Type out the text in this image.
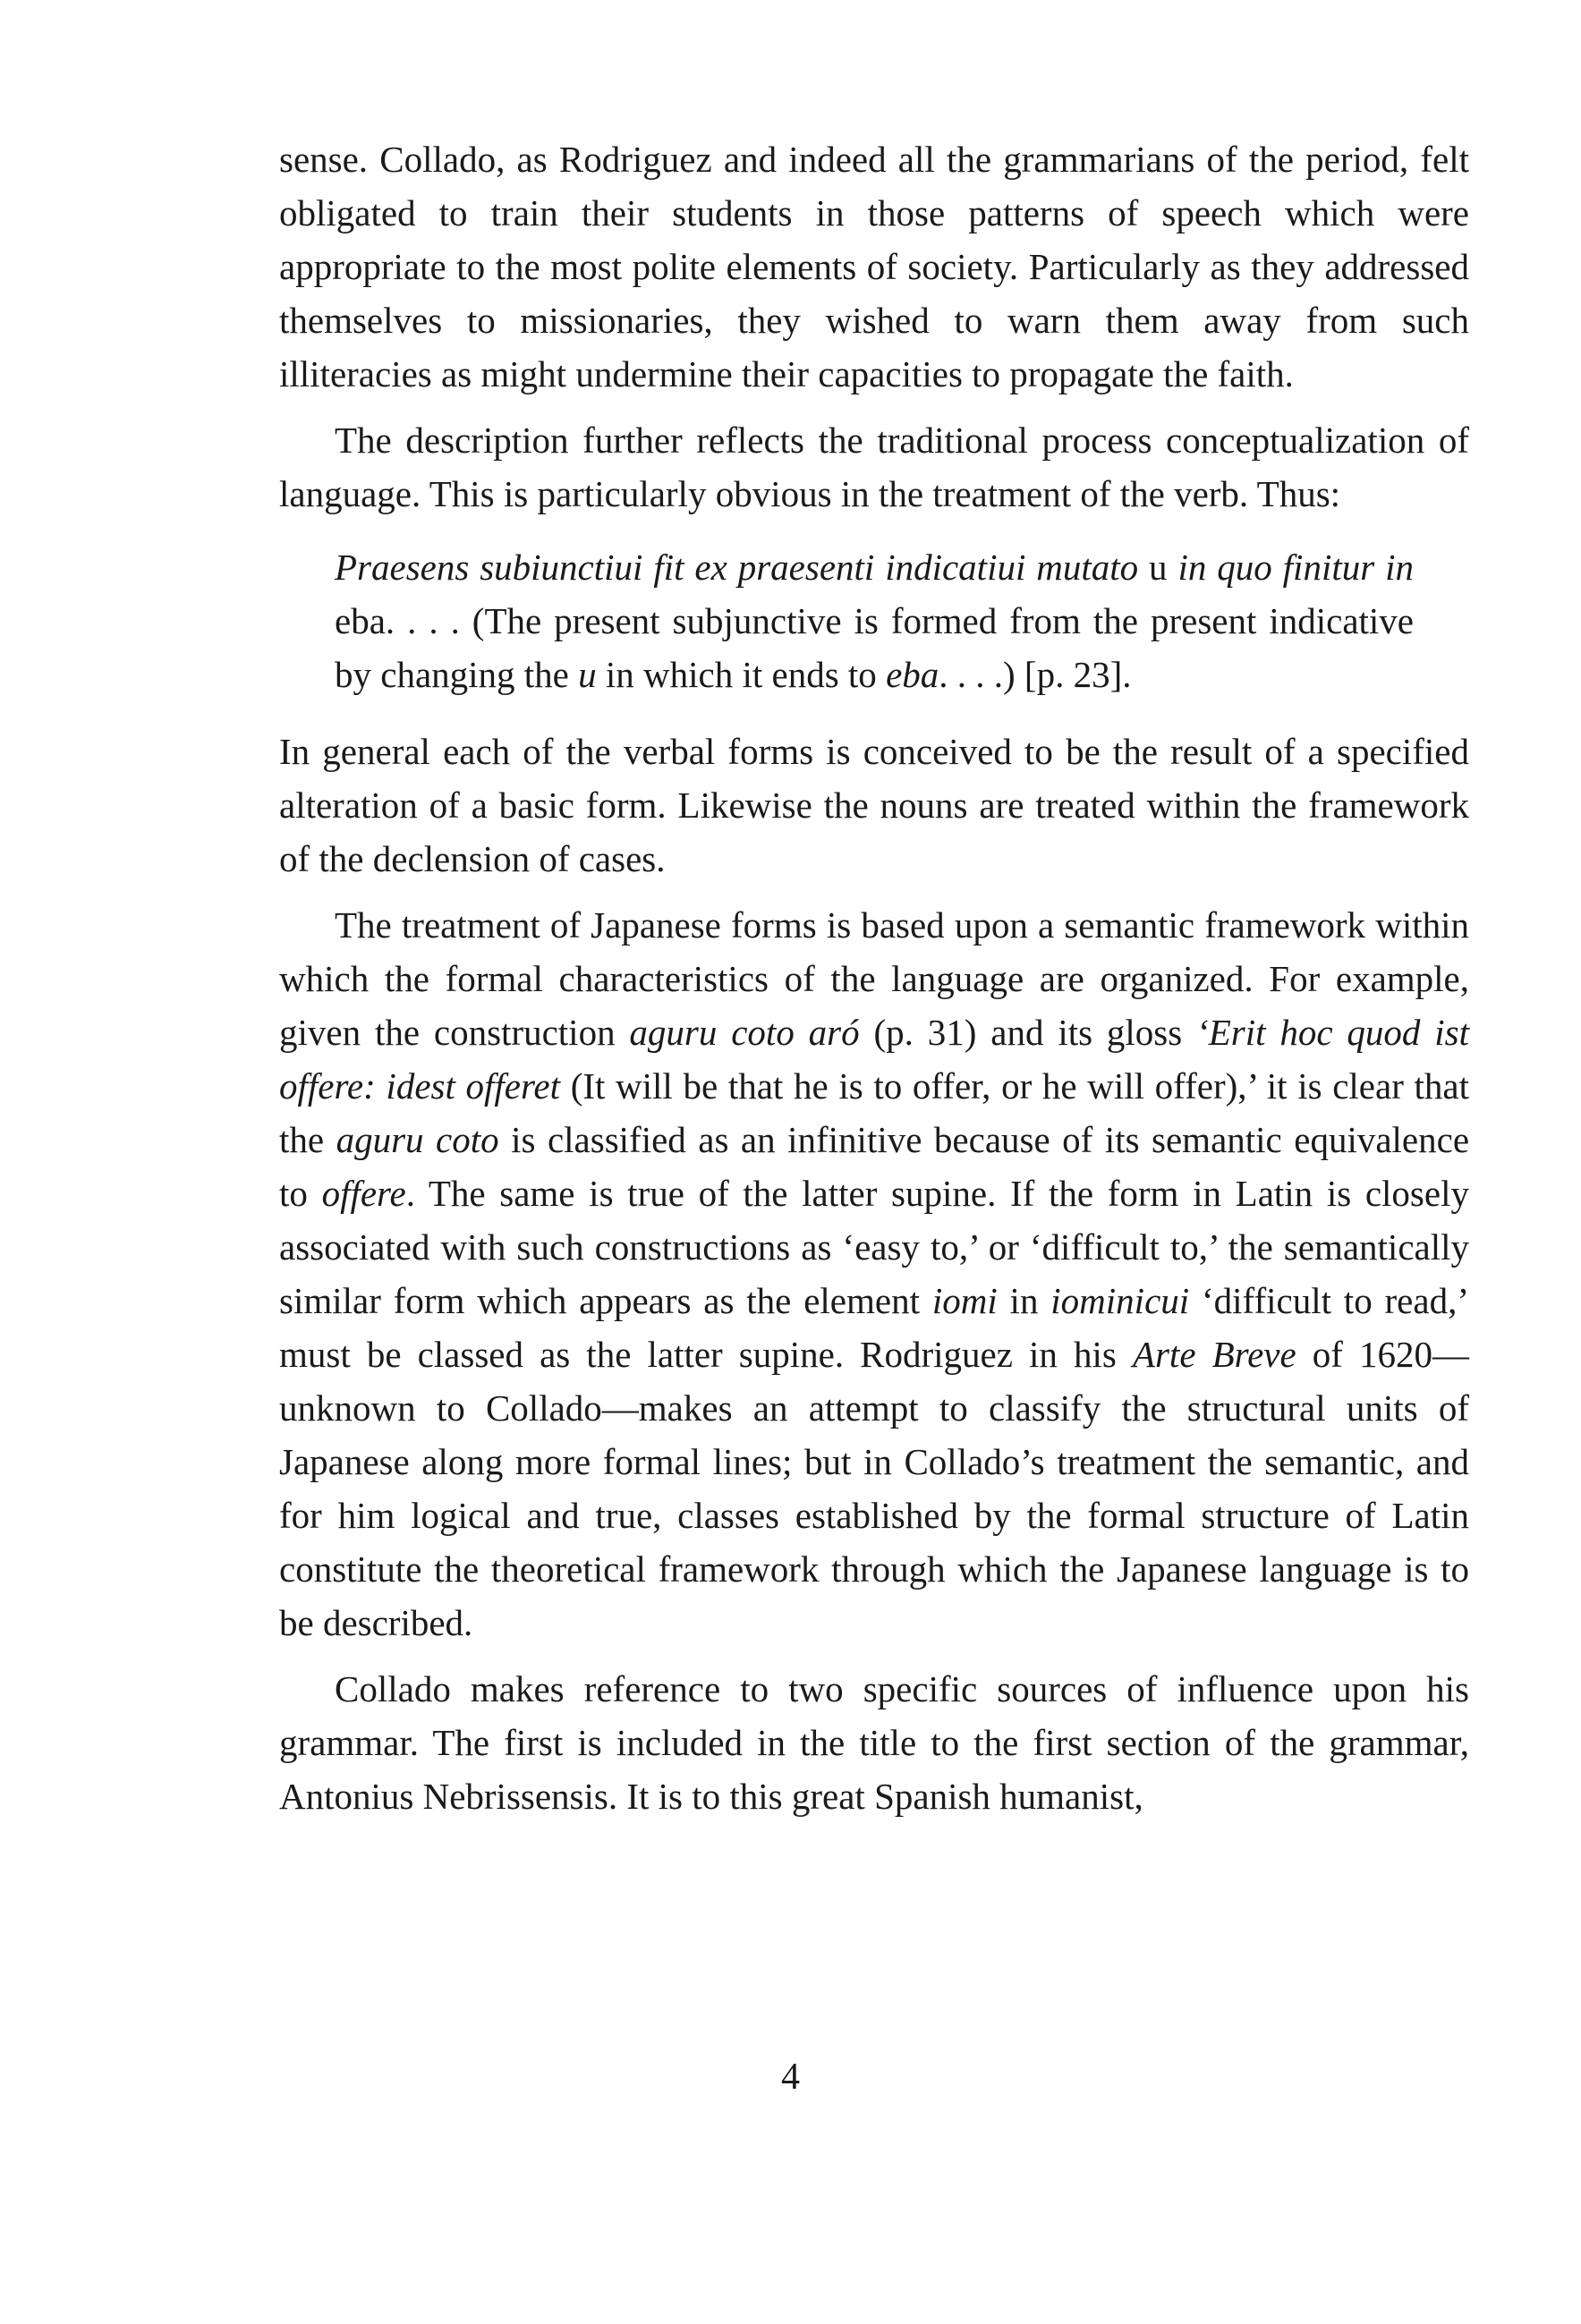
sense. Collado, as Rodriguez and indeed all the grammarians of the period, felt obligated to train their students in those patterns of speech which were appropriate to the most polite elements of society. Particularly as they addressed themselves to missionaries, they wished to warn them away from such illiteracies as might undermine their capacities to propagate the faith.

The description further reflects the traditional process conceptualization of language. This is particularly obvious in the treatment of the verb. Thus:

Praesens subiunctiui fit ex praesenti indicatiui mutato u in quo finitur in eba. . . . (The present subjunctive is formed from the present indicative by changing the u in which it ends to eba. . . .) [p. 23].

In general each of the verbal forms is conceived to be the result of a specified alteration of a basic form. Likewise the nouns are treated within the framework of the declension of cases.

The treatment of Japanese forms is based upon a semantic framework within which the formal characteristics of the language are organized. For example, given the construction aguru coto aró (p. 31) and its gloss ‘Erit hoc quod ist offere: idest offeret (It will be that he is to offer, or he will offer),’ it is clear that the aguru coto is classified as an infinitive because of its semantic equivalence to offere. The same is true of the latter supine. If the form in Latin is closely associated with such constructions as ‘easy to,’ or ‘difficult to,’ the semantically similar form which appears as the element iomi in iominicui ‘difficult to read,’ must be classed as the latter supine. Rodriguez in his Arte Breve of 1620—unknown to Collado—makes an attempt to classify the structural units of Japanese along more formal lines; but in Collado’s treatment the semantic, and for him logical and true, classes established by the formal structure of Latin constitute the theoretical framework through which the Japanese language is to be described.

Collado makes reference to two specific sources of influence upon his grammar. The first is included in the title to the first section of the grammar, Antonius Nebrissensis. It is to this great Spanish humanist,

4
